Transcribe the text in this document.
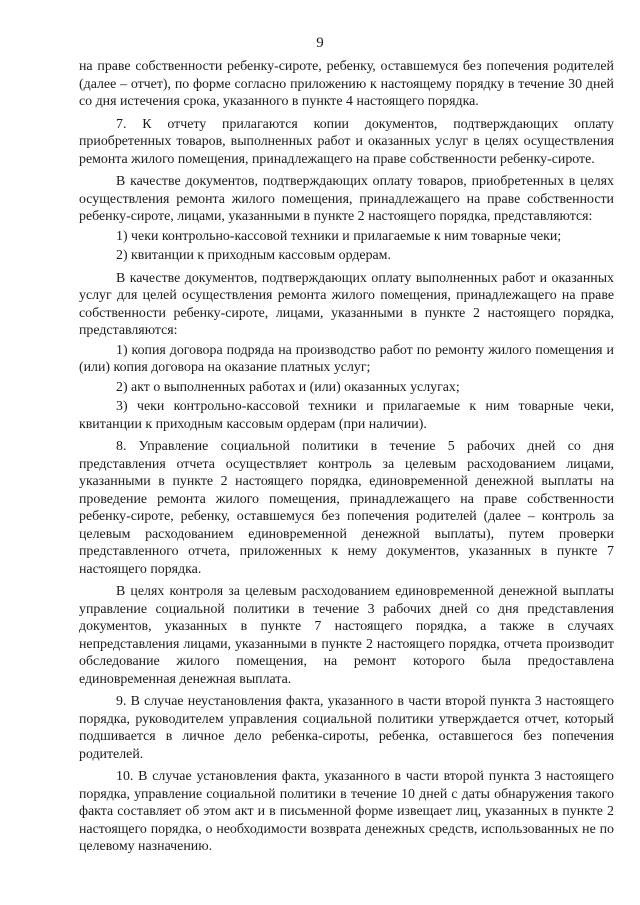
9

на праве собственности ребенку-сироте, ребенку, оставшемуся без попечения родителей (далее – отчет), по форме согласно приложению к настоящему порядку в течение 30 дней со дня истечения срока, указанного в пункте 4 настоящего порядка.

7. К отчету прилагаются копии документов, подтверждающих оплату приобретенных товаров, выполненных работ и оказанных услуг в целях осуществления ремонта жилого помещения, принадлежащего на праве собственности ребенку-сироте.

В качестве документов, подтверждающих оплату товаров, приобретенных в целях осуществления ремонта жилого помещения, принадлежащего на праве собственности ребенку-сироте, лицами, указанными в пункте 2 настоящего порядка, представляются:

1) чеки контрольно-кассовой техники и прилагаемые к ним товарные чеки;

2) квитанции к приходным кассовым ордерам.

В качестве документов, подтверждающих оплату выполненных работ и оказанных услуг для целей осуществления ремонта жилого помещения, принадлежащего на праве собственности ребенку-сироте, лицами, указанными в пункте 2 настоящего порядка, представляются:

1) копия договора подряда на производство работ по ремонту жилого помещения и (или) копия договора на оказание платных услуг;

2) акт о выполненных работах и (или) оказанных услугах;

3) чеки контрольно-кассовой техники и прилагаемые к ним товарные чеки, квитанции к приходным кассовым ордерам (при наличии).

8. Управление социальной политики в течение 5 рабочих дней со дня представления отчета осуществляет контроль за целевым расходованием лицами, указанными в пункте 2 настоящего порядка, единовременной денежной выплаты на проведение ремонта жилого помещения, принадлежащего на праве собственности ребенку-сироте, ребенку, оставшемуся без попечения родителей (далее – контроль за целевым расходованием единовременной денежной выплаты), путем проверки представленного отчета, приложенных к нему документов, указанных в пункте 7 настоящего порядка.

В целях контроля за целевым расходованием единовременной денежной выплаты управление социальной политики в течение 3 рабочих дней со дня представления документов, указанных в пункте 7 настоящего порядка, а также в случаях непредставления лицами, указанными в пункте 2 настоящего порядка, отчета производит обследование жилого помещения, на ремонт которого была предоставлена единовременная денежная выплата.

9. В случае неустановления факта, указанного в части второй пункта 3 настоящего порядка, руководителем управления социальной политики утверждается отчет, который подшивается в личное дело ребенка-сироты, ребенка, оставшегося без попечения родителей.

10. В случае установления факта, указанного в части второй пункта 3 настоящего порядка, управление социальной политики в течение 10 дней с даты обнаружения такого факта составляет об этом акт и в письменной форме извещает лиц, указанных в пункте 2 настоящего порядка, о необходимости возврата денежных средств, использованных не по целевому назначению.
